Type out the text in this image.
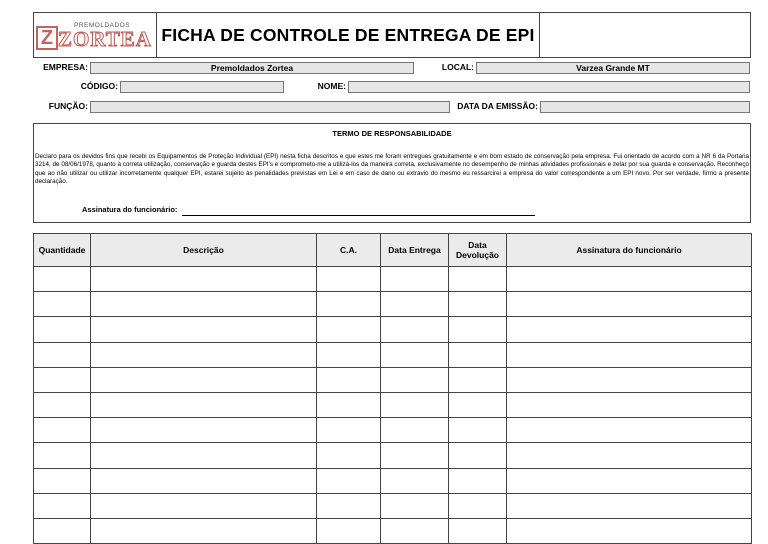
Z
PREMOLDADOS
ZORTEA FICHA DE CONTROLE DE ENTREGA DE EPI
EMPRESA:	Premoldados Zortea	LOCAL:	Varzea Grande MT
CÓDIGO:	NOME:
FUNÇÃO:	DATA DA EMISSÃO:
TERMO DE RESPONSABILIDADE
Declaro para os devidos fins que recebi os Equipamentos de Proteção Individual (EPI) nesta ficha descritos e que estes me foram entregues gratuitamente e em bom estado de conservação pela empresa. Fui orientado de acordo com a NR 6 da Portaria 3214, de 08/06/1978, quanto à correta utilização, conservação e guarda destes EPI's e comprometo-me a utilizá-los da maneira correta, exclusivamente no desempenho de minhas atividades profissionais e zelar por sua guarda e conservação. Reconheço que ao não utilizar ou utilizar incorretamente qualquer EPI, estarei sujeito às penalidades previstas em Lei e em caso de dano ou extravio do mesmo eu ressarcirei a empresa do valor correspondente a um EPI novo. Por ser verdade, firmo a presente declaração.
Assinatura do funcionário:
Quantidade	Descrição	C.A.	Data Entrega	Data Devolução	Assinatura do funcionário
